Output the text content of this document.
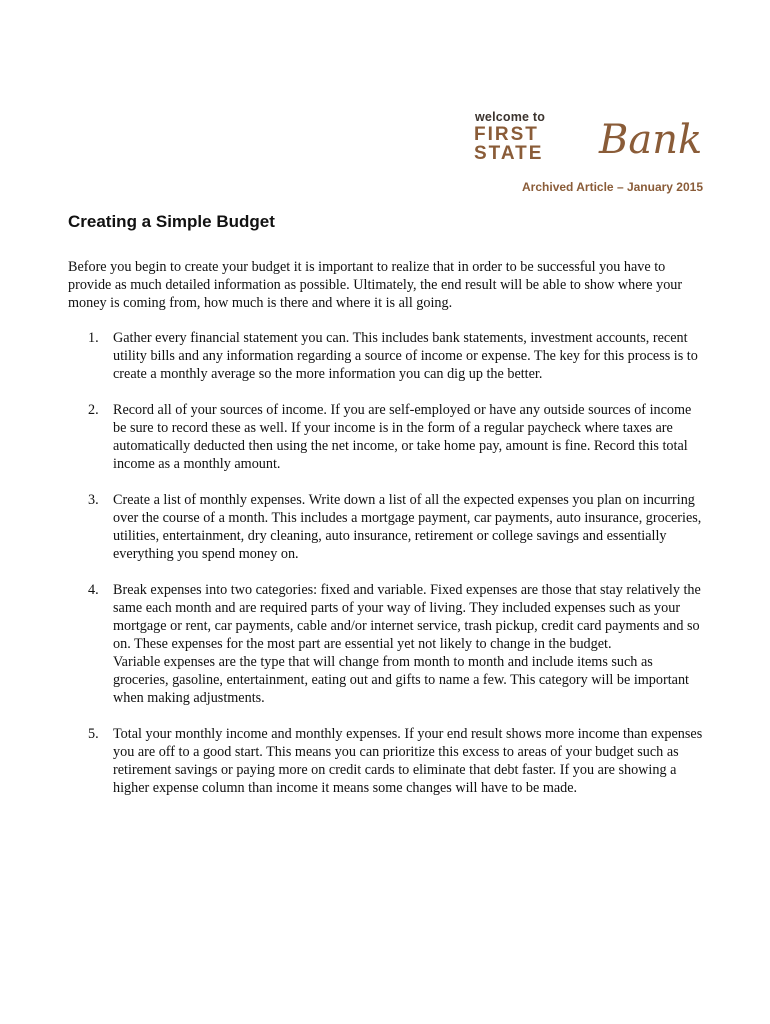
welcome to
FIRST
STATE Bank
Archived Article – January 2015
Creating a Simple Budget

Before you begin to create your budget it is important to realize that in order to be successful you have to provide as much detailed information as possible. Ultimately, the end result will be able to show where your money is coming from, how much is there and where it is all going.

1. Gather every financial statement you can. This includes bank statements, investment accounts, recent utility bills and any information regarding a source of income or expense. The key for this process is to create a monthly average so the more information you can dig up the better.
2. Record all of your sources of income. If you are self-employed or have any outside sources of income be sure to record these as well. If your income is in the form of a regular paycheck where taxes are automatically deducted then using the net income, or take home pay, amount is fine. Record this total income as a monthly amount.
3. Create a list of monthly expenses. Write down a list of all the expected expenses you plan on incurring over the course of a month. This includes a mortgage payment, car payments, auto insurance, groceries, utilities, entertainment, dry cleaning, auto insurance, retirement or college savings and essentially everything you spend money on.
4. Break expenses into two categories: fixed and variable. Fixed expenses are those that stay relatively the same each month and are required parts of your way of living. They included expenses such as your mortgage or rent, car payments, cable and/or internet service, trash pickup, credit card payments and so on. These expenses for the most part are essential yet not likely to change in the budget.
Variable expenses are the type that will change from month to month and include items such as groceries, gasoline, entertainment, eating out and gifts to name a few. This category will be important when making adjustments.
5. Total your monthly income and monthly expenses. If your end result shows more income than expenses you are off to a good start. This means you can prioritize this excess to areas of your budget such as retirement savings or paying more on credit cards to eliminate that debt faster. If you are showing a higher expense column than income it means some changes will have to be made.
